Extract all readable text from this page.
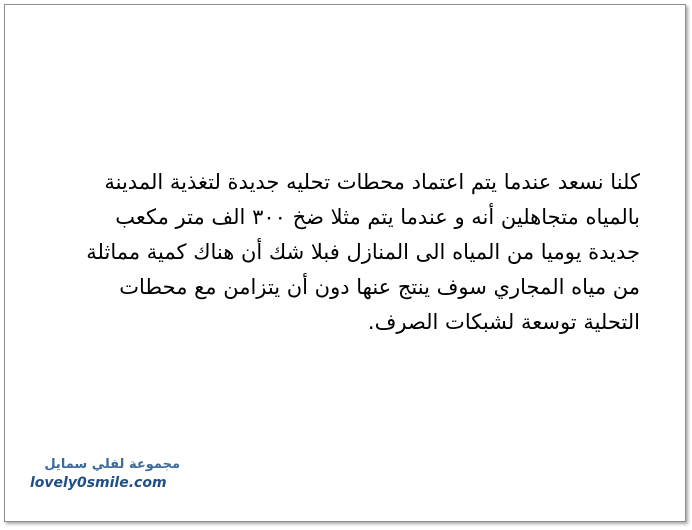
كلنا نسعد عندما يتم اعتماد محطات تحليه جديدة لتغذية المدينة
بالمياه متجاهلين أنه و عندما يتم مثلا ضخ ٣٠٠ الف متر مكعب
جديدة يوميا من المياه الى المنازل فبلا شك أن هناك كمية مماثلة
من مياه المجاري سوف ينتج عنها دون أن يتزامن مع محطات
التحلية توسعة لشبكات الصرف.
مجموعة لفلي سمايل
lovely0smile.com
